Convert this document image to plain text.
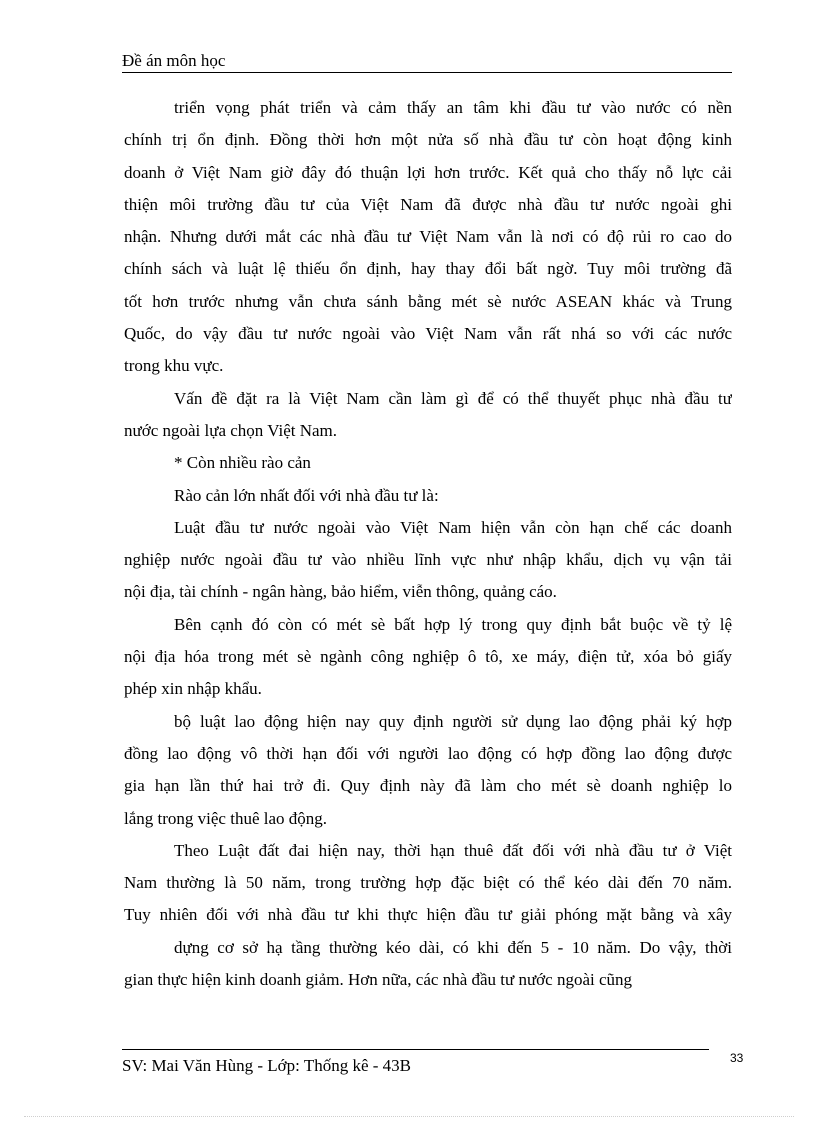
Đề án môn học
triển vọng phát triển và cảm thấy an tâm khi đầu tư vào nước có nền
chính trị ổn định. Đồng thời hơn một nửa số nhà đầu tư còn hoạt động kinh
doanh ở Việt Nam giờ đây đó thuận lợi hơn trước. Kết quả cho thấy nỗ lực cải
thiện môi trường đầu tư của Việt Nam đã được nhà đầu tư nước ngoài ghi
nhận. Nhưng dưới mắt các nhà đầu tư Việt Nam vẫn là nơi có độ rủi ro cao do
chính sách và luật lệ thiếu ổn định, hay thay đổi bất ngờ. Tuy môi trường đã
tốt hơn trước nhưng vẫn chưa sánh bằng mét sè nước ASEAN khác và Trung
Quốc, do vậy đầu tư nước ngoài vào Việt Nam vẫn rất nhá so với các nước
trong khu vực.
Vấn đề đặt ra là Việt Nam cần làm gì để có thể thuyết phục nhà đầu tư
nước ngoài lựa chọn Việt Nam.
* Còn nhiều rào cản
Rào cản lớn nhất đối với nhà đầu tư là:
Luật đầu tư nước ngoài vào Việt Nam hiện vẫn còn hạn chế các doanh
nghiệp nước ngoài đầu tư vào nhiều lĩnh vực như nhập khẩu, dịch vụ vận tải
nội địa, tài chính - ngân hàng, bảo hiểm, viễn thông, quảng cáo.
Bên cạnh đó còn có mét sè bất hợp lý trong quy định bắt buộc về tỷ lệ
nội địa hóa trong mét sè ngành công nghiệp ô tô, xe máy, điện tử, xóa bỏ giấy
phép xin nhập khẩu.
bộ luật lao động hiện nay quy định người sử dụng lao động phải ký hợp
đồng lao động vô thời hạn đối với người lao động có hợp đồng lao động được
gia hạn lần thứ hai trở đi. Quy định này đã làm cho mét sè doanh nghiệp lo
lắng trong việc thuê lao động.
Theo Luật đất đai hiện nay, thời hạn thuê đất đối với nhà đầu tư ở Việt
Nam thường là 50 năm, trong trường hợp đặc biệt có thể kéo dài đến 70 năm.
Tuy nhiên đối với nhà đầu tư khi thực hiện đầu tư giải phóng mặt bằng và xây
dựng cơ sở hạ tầng thường kéo dài, có khi đến 5 - 10 năm. Do vậy, thời
gian thực hiện kinh doanh giảm. Hơn nữa, các nhà đầu tư nước ngoài cũng
SV: Mai Văn Hùng - Lớp: Thống kê - 43B	33
